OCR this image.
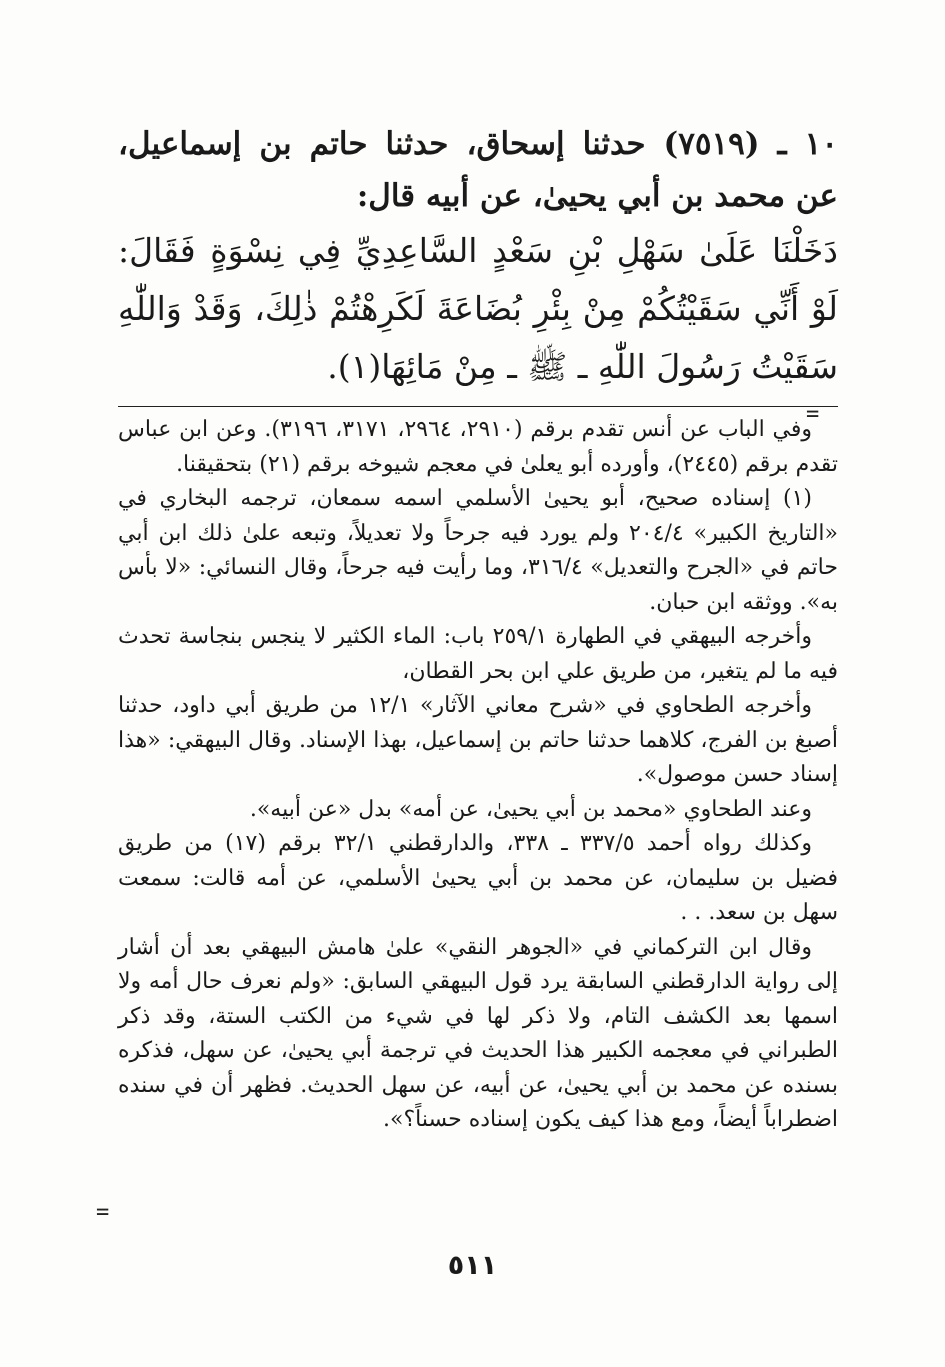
١٠ ـ (٧٥١٩) حدثنا إسحاق، حدثنا حاتم بن إسماعيل،

عن محمد بن أبي يحيىٰ، عن أبيه قال:

دَخَلْنَا عَلَىٰ سَهْلِ بْنِ سَعْدٍ السَّاعِدِيِّ فِي نِسْوَةٍ فَقَالَ: لَوْ أَنِّي سَقَيْتُكُمْ مِنْ بِئْرِ بُضَاعَةَ لَكَرِهْتُمْ ذٰلِكَ، وَقَدْ وَاللّٰهِ سَقَيْتُ رَسُولَ اللّٰهِ ـ ﷺ ـ مِنْ مَائِهَا(١).

وفي الباب عن أنس تقدم برقم (٢٩١٠، ٢٩٦٤، ٣١٧١، ٣١٩٦). وعن ابن عباس تقدم برقم (٢٤٤٥)، وأورده أبو يعلىٰ في معجم شيوخه برقم (٢١) بتحقيقنا.

(١) إسناده صحيح، أبو يحيىٰ الأسلمي اسمه سمعان، ترجمه البخاري في «التاريخ الكبير» ٢٠٤/٤ ولم يورد فيه جرحاً ولا تعديلاً، وتبعه علىٰ ذلك ابن أبي حاتم في «الجرح والتعديل» ٣١٦/٤، وما رأيت فيه جرحاً، وقال النسائي: «لا بأس به». ووثقه ابن حبان.

وأخرجه البيهقي في الطهارة ٢٥٩/١ باب: الماء الكثير لا ينجس بنجاسة تحدث فيه ما لم يتغير، من طريق علي ابن بحر القطان،

وأخرجه الطحاوي في «شرح معاني الآثار» ١٢/١ من طريق أبي داود، حدثنا أصبغ بن الفرج، كلاهما حدثنا حاتم بن إسماعيل، بهذا الإسناد. وقال البيهقي: «هذا إسناد حسن موصول».

وعند الطحاوي «محمد بن أبي يحيىٰ، عن أمه» بدل «عن أبيه».

وكذلك رواه أحمد ٣٣٧/٥ ـ ٣٣٨، والدارقطني ٣٢/١ برقم (١٧) من طريق فضيل بن سليمان، عن محمد بن أبي يحيىٰ الأسلمي، عن أمه قالت: سمعت سهل بن سعد. . .

وقال ابن التركماني في «الجوهر النقي» علىٰ هامش البيهقي بعد أن أشار إلى رواية الدارقطني السابقة يرد قول البيهقي السابق: «ولم نعرف حال أمه ولا اسمها بعد الكشف التام، ولا ذكر لها في شيء من الكتب الستة، وقد ذكر الطبراني في معجمه الكبير هذا الحديث في ترجمة أبي يحيىٰ، عن سهل، فذكره بسنده عن محمد بن أبي يحيىٰ، عن أبيه، عن سهل الحديث. فظهر أن في سنده اضطراباً أيضاً، ومع هذا كيف يكون إسناده حسناً؟».

=
=
٥١١
